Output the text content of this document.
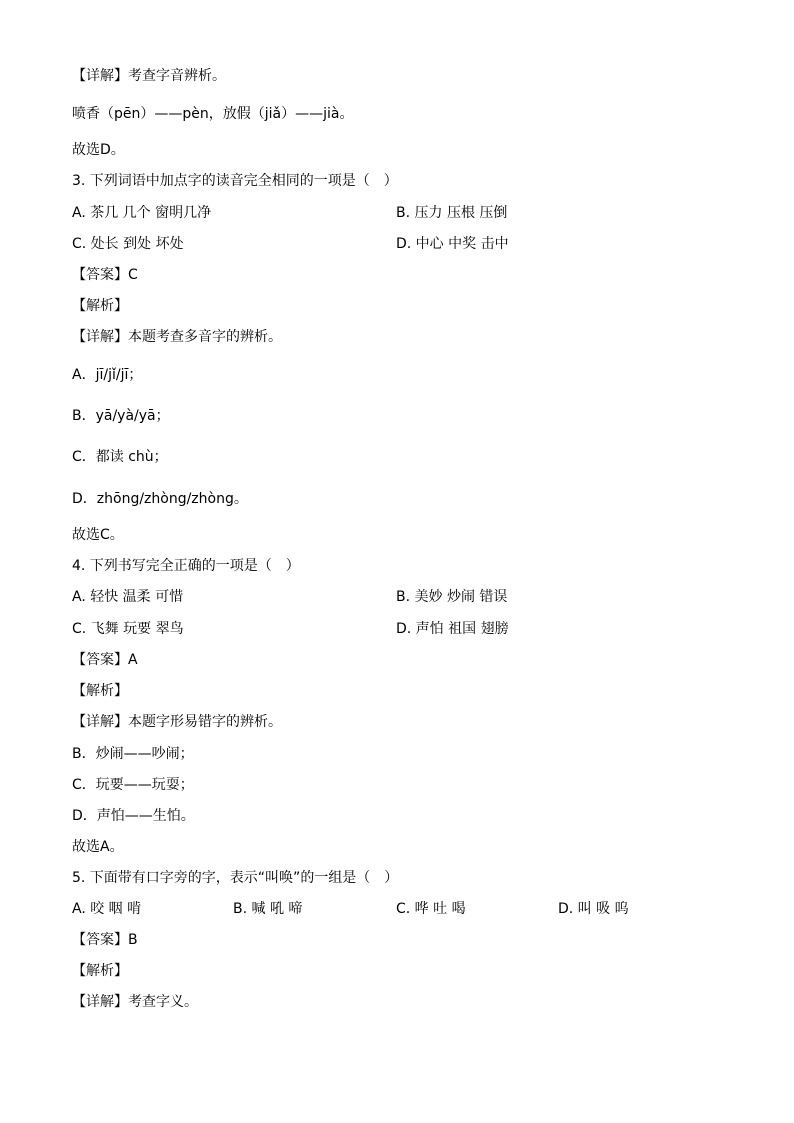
【详解】考查字音辨析。
喷香（pēn）——pèn，放假（jiǎ）——jià。
故选D。
3. 下列词语中加点字的读音完全相同的一项是（　）
A. 茶几 几个 窗明几净	B. 压力 压根 压倒
C. 处长 到处 坏处	D. 中心 中奖 击中
【答案】C
【解析】
【详解】本题考查多音字的辨析。
A．jī/jǐ/jī；
B．yā/yà/yā；
C．都读 chù；
D．zhōng/zhòng/zhòng。
故选C。
4. 下列书写完全正确的一项是（　）
A. 轻快 温柔 可惜	B. 美妙 炒闹 错误
C. 飞舞 玩要 翠鸟	D. 声怕 祖国 翅膀
【答案】A
【解析】
【详解】本题字形易错字的辨析。
B．炒闹——吵闹；
C．玩要——玩耍；
D．声怕——生怕。
故选A。
5. 下面带有口字旁的字，表示“叫唤”的一组是（　）
A. 咬 咽 啃	B. 喊 吼 啼	C. 哗 吐 喝	D. 叫 吸 呜
【答案】B
【解析】
【详解】考查字义。
